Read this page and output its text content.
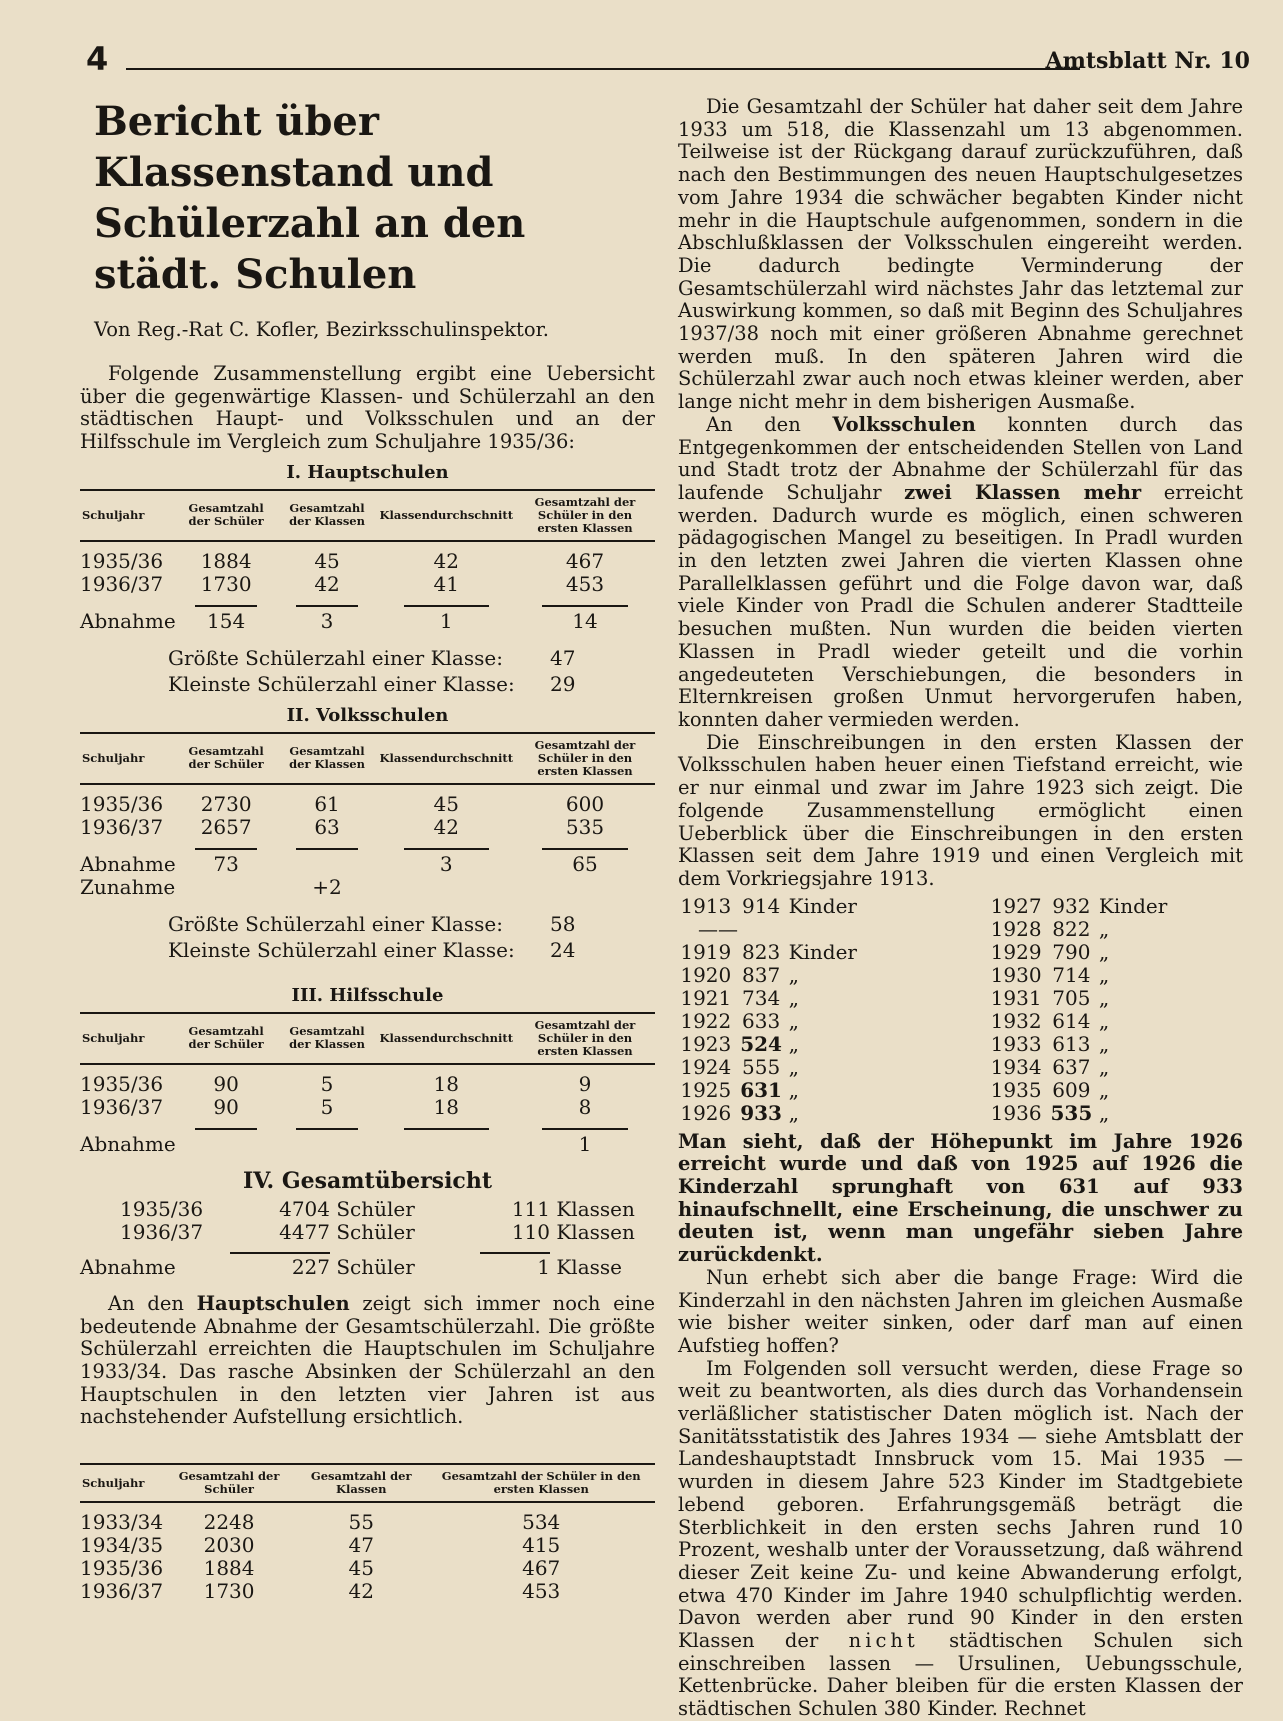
4	Amtsblatt Nr. 10
Bericht über Klassenstand und Schülerzahl an den städt. Schulen
Von Reg.-Rat C. Kofler, Bezirksschulinspektor.

Folgende Zusammenstellung ergibt eine Uebersicht über die gegenwärtige Klassen- und Schülerzahl an den städtischen Haupt- und Volksschulen und an der Hilfsschule im Vergleich zum Schuljahre 1935/36:

I. Hauptschulen
Schuljahr	Gesamtzahl der Schüler	Gesamtzahl der Klassen	Klassendurchschnitt	Gesamtzahl der Schüler in den ersten Klassen
1935/36	1884	45	42	467
1936/37	1730	42	41	453

Abnahme	154	3	1	14
Größte Schülerzahl einer Klasse:	47
Kleinste Schülerzahl einer Klasse:	29
II. Volksschulen
Schuljahr	Gesamtzahl der Schüler	Gesamtzahl der Klassen	Klassendurchschnitt	Gesamtzahl der Schüler in den ersten Klassen
1935/36	2730	61	45	600
1936/37	2657	63	42	535

Abnahme	73		3	65
Zunahme		+2		
Größte Schülerzahl einer Klasse:	58
Kleinste Schülerzahl einer Klasse:	24
III. Hilfsschule
Schuljahr	Gesamtzahl der Schüler	Gesamtzahl der Klassen	Klassendurchschnitt	Gesamtzahl der Schüler in den ersten Klassen
1935/36	90	5	18	9
1936/37	90	5	18	8

Abnahme				1
IV. Gesamtübersicht
1935/36	4704	Schüler	111	Klassen
1936/37	4477	Schüler	110	Klassen

Abnahme	227	Schüler	1	Klasse

An den Hauptschulen zeigt sich immer noch eine bedeutende Abnahme der Gesamtschülerzahl. Die größte Schülerzahl erreichten die Hauptschulen im Schuljahre 1933/34. Das rasche Absinken der Schülerzahl an den Hauptschulen in den letzten vier Jahren ist aus nachstehender Aufstellung ersichtlich.

Schuljahr	Gesamtzahl der Schüler	Gesamtzahl der Klassen	Gesamtzahl der Schüler in den ersten Klassen
1933/34	2248	55	534
1934/35	2030	47	415
1935/36	1884	45	467
1936/37	1730	42	453

Die Gesamtzahl der Schüler hat daher seit dem Jahre 1933 um 518, die Klassenzahl um 13 abgenommen. Teilweise ist der Rückgang darauf zurückzuführen, daß nach den Bestimmungen des neuen Hauptschulgesetzes vom Jahre 1934 die schwächer begabten Kinder nicht mehr in die Hauptschule aufgenommen, sondern in die Abschlußklassen der Volksschulen eingereiht werden. Die dadurch bedingte Verminderung der Gesamtschülerzahl wird nächstes Jahr das letztemal zur Auswirkung kommen, so daß mit Beginn des Schuljahres 1937/38 noch mit einer größeren Abnahme gerechnet werden muß. In den späteren Jahren wird die Schülerzahl zwar auch noch etwas kleiner werden, aber lange nicht mehr in dem bisherigen Ausmaße.

An den Volksschulen konnten durch das Entgegenkommen der entscheidenden Stellen von Land und Stadt trotz der Abnahme der Schülerzahl für das laufende Schuljahr zwei Klassen mehr erreicht werden. Dadurch wurde es möglich, einen schweren pädagogischen Mangel zu beseitigen. In Pradl wurden in den letzten zwei Jahren die vierten Klassen ohne Parallelklassen geführt und die Folge davon war, daß viele Kinder von Pradl die Schulen anderer Stadtteile besuchen mußten. Nun wurden die beiden vierten Klassen in Pradl wieder geteilt und die vorhin angedeuteten Verschiebungen, die besonders in Elternkreisen großen Unmut hervorgerufen haben, konnten daher vermieden werden.

Die Einschreibungen in den ersten Klassen der Volksschulen haben heuer einen Tiefstand erreicht, wie er nur einmal und zwar im Jahre 1923 sich zeigt. Die folgende Zusammenstellung ermöglicht einen Ueberblick über die Einschreibungen in den ersten Klassen seit dem Jahre 1919 und einen Vergleich mit dem Vorkriegsjahre 1913.

1913	914	Kinder		1927	932	Kinder
——				1928	822	„
1919	823	Kinder		1929	790	„
1920	837	„		1930	714	„
1921	734	„		1931	705	„
1922	633	„		1932	614	„
1923	524	„		1933	613	„
1924	555	„		1934	637	„
1925	631	„		1935	609	„
1926	933	„		1936	535	„

Man sieht, daß der Höhepunkt im Jahre 1926 erreicht wurde und daß von 1925 auf 1926 die Kinderzahl sprunghaft von 631 auf 933 hinaufschnellt, eine Erscheinung, die unschwer zu deuten ist, wenn man ungefähr sieben Jahre zurückdenkt.

Nun erhebt sich aber die bange Frage: Wird die Kinderzahl in den nächsten Jahren im gleichen Ausmaße wie bisher weiter sinken, oder darf man auf einen Aufstieg hoffen?

Im Folgenden soll versucht werden, diese Frage so weit zu beantworten, als dies durch das Vorhandensein verläßlicher statistischer Daten möglich ist. Nach der Sanitätsstatistik des Jahres 1934 — siehe Amtsblatt der Landeshauptstadt Innsbruck vom 15. Mai 1935 — wurden in diesem Jahre 523 Kinder im Stadtgebiete lebend geboren. Erfahrungsgemäß beträgt die Sterblichkeit in den ersten sechs Jahren rund 10 Prozent, weshalb unter der Voraussetzung, daß während dieser Zeit keine Zu- und keine Abwanderung erfolgt, etwa 470 Kinder im Jahre 1940 schulpflichtig werden. Davon werden aber rund 90 Kinder in den ersten Klassen der nicht städtischen Schulen sich einschreiben lassen — Ursulinen, Uebungsschule, Kettenbrücke. Daher bleiben für die ersten Klassen der städtischen Schulen 380 Kinder. Rechnet
